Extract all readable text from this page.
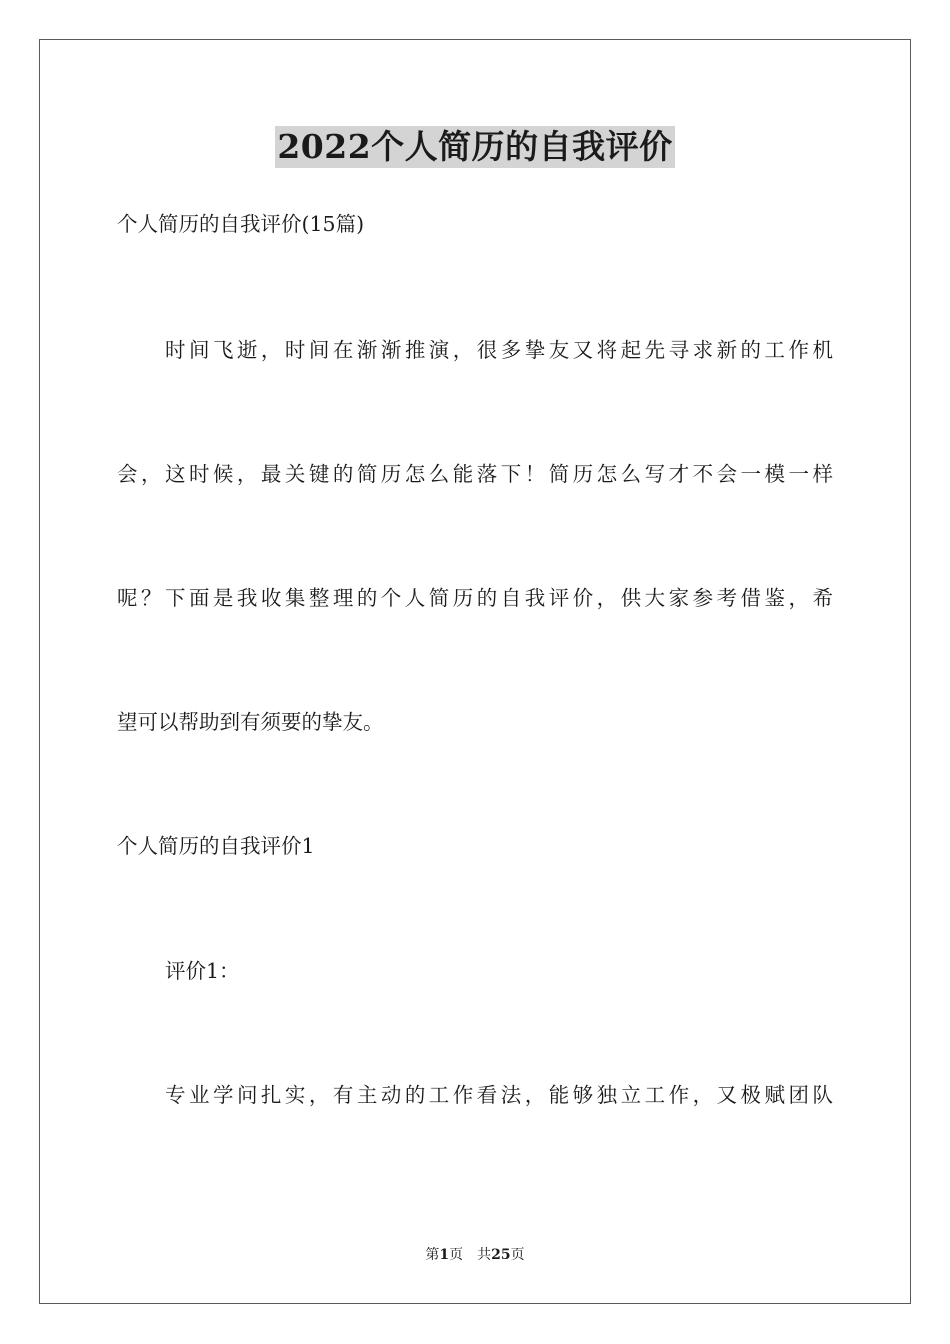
2022个人简历的自我评价
个人简历的自我评价(15篇)
时间飞逝，时间在渐渐推演，很多挚友又将起先寻求新的工作机
会，这时候，最关键的简历怎么能落下！简历怎么写才不会一模一样
呢？下面是我收集整理的个人简历的自我评价，供大家参考借鉴，希
望可以帮助到有须要的挚友。
个人简历的自我评价1
评价1：
专业学问扎实，有主动的工作看法，能够独立工作，又极赋团队
第1页　共25页
